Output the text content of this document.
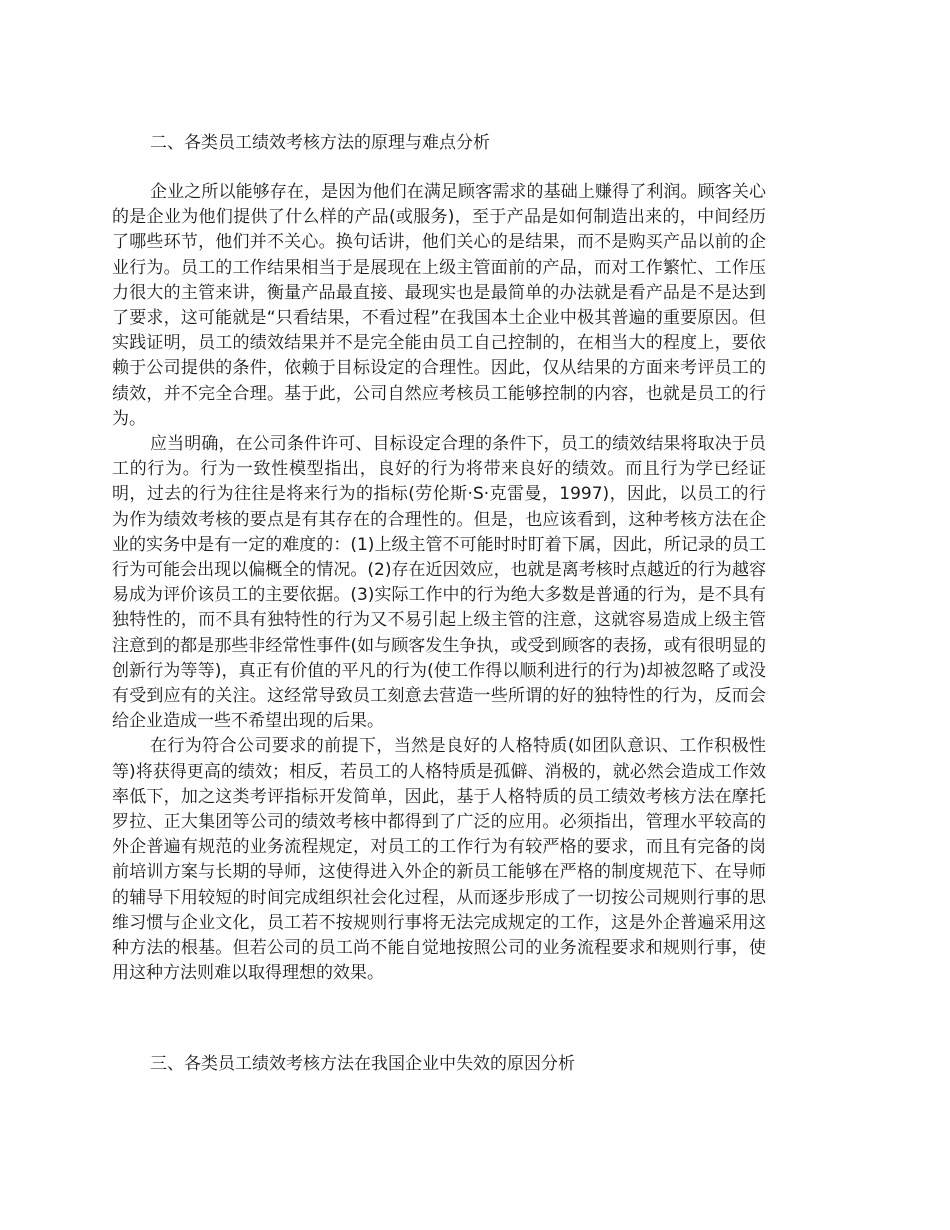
二、各类员工绩效考核方法的原理与难点分析

企业之所以能够存在，是因为他们在满足顾客需求的基础上赚得了利润。顾客关心的是企业为他们提供了什么样的产品(或服务)，至于产品是如何制造出来的，中间经历了哪些环节，他们并不关心。换句话讲，他们关心的是结果，而不是购买产品以前的企业行为。员工的工作结果相当于是展现在上级主管面前的产品，而对工作繁忙、工作压力很大的主管来讲，衡量产品最直接、最现实也是最简单的办法就是看产品是不是达到了要求，这可能就是“只看结果，不看过程”在我国本土企业中极其普遍的重要原因。但实践证明，员工的绩效结果并不是完全能由员工自己控制的，在相当大的程度上，要依赖于公司提供的条件，依赖于目标设定的合理性。因此，仅从结果的方面来考评员工的绩效，并不完全合理。基于此，公司自然应考核员工能够控制的内容，也就是员工的行为。

应当明确，在公司条件许可、目标设定合理的条件下，员工的绩效结果将取决于员工的行为。行为一致性模型指出，良好的行为将带来良好的绩效。而且行为学已经证明，过去的行为往往是将来行为的指标(劳伦斯·S·克雷曼，1997)，因此，以员工的行为作为绩效考核的要点是有其存在的合理性的。但是，也应该看到，这种考核方法在企业的实务中是有一定的难度的：(1)上级主管不可能时时盯着下属，因此，所记录的员工行为可能会出现以偏概全的情况。(2)存在近因效应，也就是离考核时点越近的行为越容易成为评价该员工的主要依据。(3)实际工作中的行为绝大多数是普通的行为，是不具有独特性的，而不具有独特性的行为又不易引起上级主管的注意，这就容易造成上级主管注意到的都是那些非经常性事件(如与顾客发生争执，或受到顾客的表扬，或有很明显的创新行为等等)，真正有价值的平凡的行为(使工作得以顺利进行的行为)却被忽略了或没有受到应有的关注。这经常导致员工刻意去营造一些所谓的好的独特性的行为，反而会给企业造成一些不希望出现的后果。

在行为符合公司要求的前提下，当然是良好的人格特质(如团队意识、工作积极性等)将获得更高的绩效；相反，若员工的人格特质是孤僻、消极的，就必然会造成工作效率低下，加之这类考评指标开发简单，因此，基于人格特质的员工绩效考核方法在摩托罗拉、正大集团等公司的绩效考核中都得到了广泛的应用。必须指出，管理水平较高的外企普遍有规范的业务流程规定，对员工的工作行为有较严格的要求，而且有完备的岗前培训方案与长期的导师，这使得进入外企的新员工能够在严格的制度规范下、在导师的辅导下用较短的时间完成组织社会化过程，从而逐步形成了一切按公司规则行事的思维习惯与企业文化，员工若不按规则行事将无法完成规定的工作，这是外企普遍采用这种方法的根基。但若公司的员工尚不能自觉地按照公司的业务流程要求和规则行事，使用这种方法则难以取得理想的效果。

三、各类员工绩效考核方法在我国企业中失效的原因分析
